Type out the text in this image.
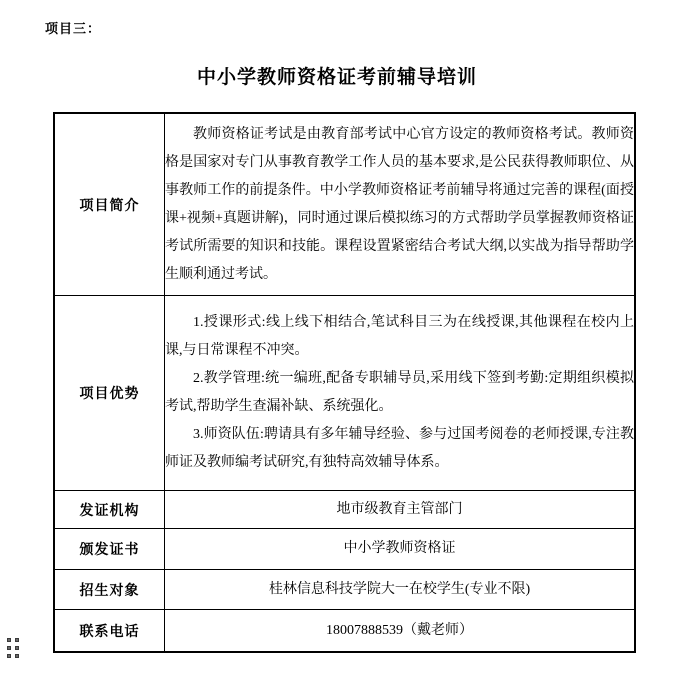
项目三：
中小学教师资格证考前辅导培训
项目简介	教师资格证考试是由教育部考试中心官方设定的教师资格考试。教师资格是国家对专门从事教育教学工作人员的基本要求,是公民获得教师职位、从事教师工作的前提条件。中小学教师资格证考前辅导将通过完善的课程(面授课+视频+真题讲解)，同时通过课后模拟练习的方式帮助学员掌握教师资格证考试所需要的知识和技能。课程设置紧密结合考试大纲,以实战为指导帮助学生顺利通过考试。

项目优势	1.授课形式:线上线下相结合,笔试科目三为在线授课,其他课程在校内上课,与日常课程不冲突。

2.教学管理:统一编班,配备专职辅导员,采用线下签到考勤:定期组织模拟考试,帮助学生查漏补缺、系统强化。

3.师资队伍:聘请具有多年辅导经验、参与过国考阅卷的老师授课,专注教师证及教师编考试研究,有独特高效辅导体系。

发证机构	地市级教育主管部门

颁发证书	中小学教师资格证

招生对象	桂林信息科技学院大一在校学生(专业不限)

联系电话	18007888539（戴老师）
